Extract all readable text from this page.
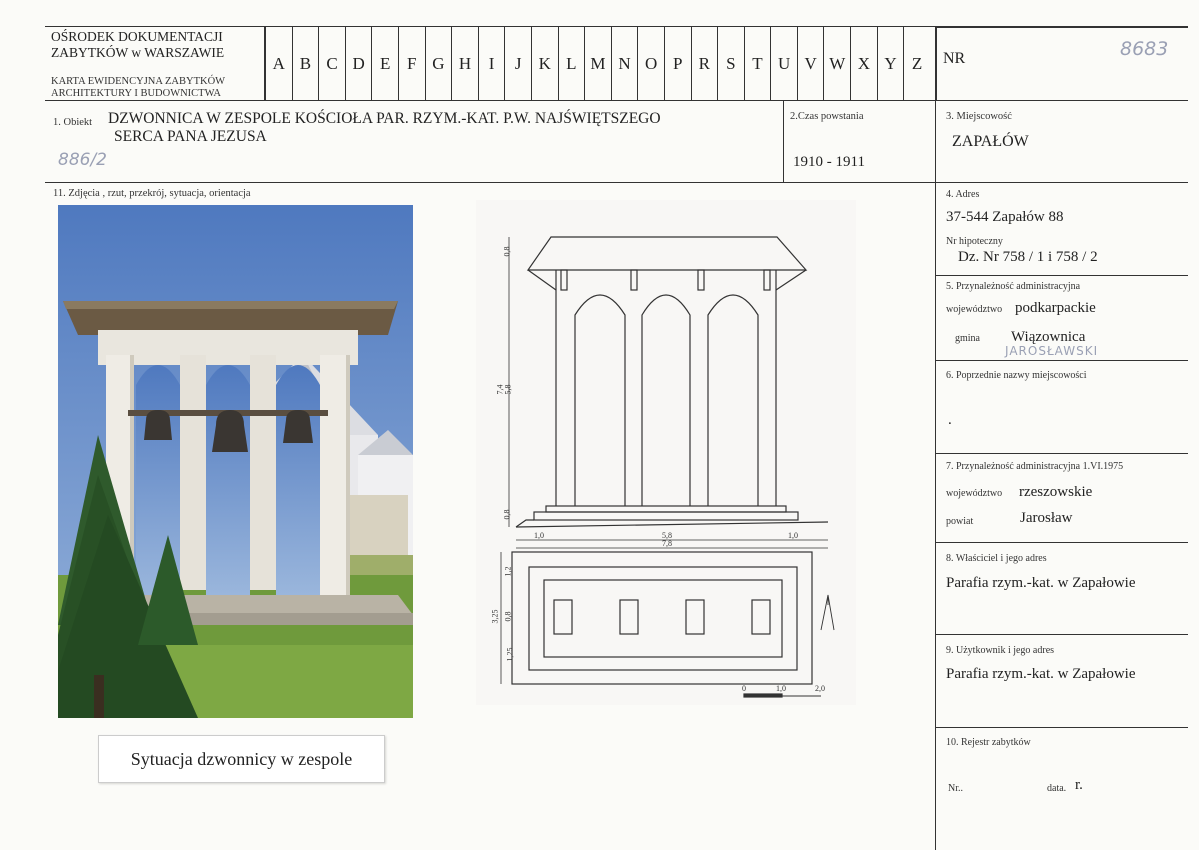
OŚRODEK DOKUMENTACJI
ZABYTKÓW w WARSZAWIE
KARTA EWIDENCYJNA ZABYTKÓW
ARCHITEKTURY I BUDOWNICTWA
A B C D E F G H	I	J	K L M N O P R S T U V W X Y Z	NR	8683
1. Obiekt DZWONNICA W ZESPOLE KOŚCIOŁA PAR. RZYM.-KAT. P.W. NAJŚWIĘTSZEGO
SERCA PANA JEZUSA
886/2
2.Czas powstania
1910 - 1911
3. Miejscowość
ZAPAŁÓW
4. Adres
37-544 Zapałów 88
Nr hipoteczny
Dz. Nr 758 / 1 i 758 / 2
5. Przynależność administracyjna
województwo podkarpackie
gmina Wiązownica
JAROSŁAWSKI
6. Poprzednie nazwy miejscowości
.
7. Przynależność administracyjna 1.VI.1975
województwo rzeszowskie
powiat	Jarosław
8. Właściciel i jego adres
Parafia rzym.-kat. w Zapałowie
9. Użytkownik i jego adres
Parafia rzym.-kat. w Zapałowie
10. Rejestr zabytków
Nr..	data. r.
11. Zdjęcia , rzut, przekrój, sytuacja, orientacja
0,8
5,8
7,4
0,8
1,0	5,8	1,0
7,8
1,2
0,8
3,25
1,25
0	1,0	2,0
Sytuacja dzwonnicy w zespole
